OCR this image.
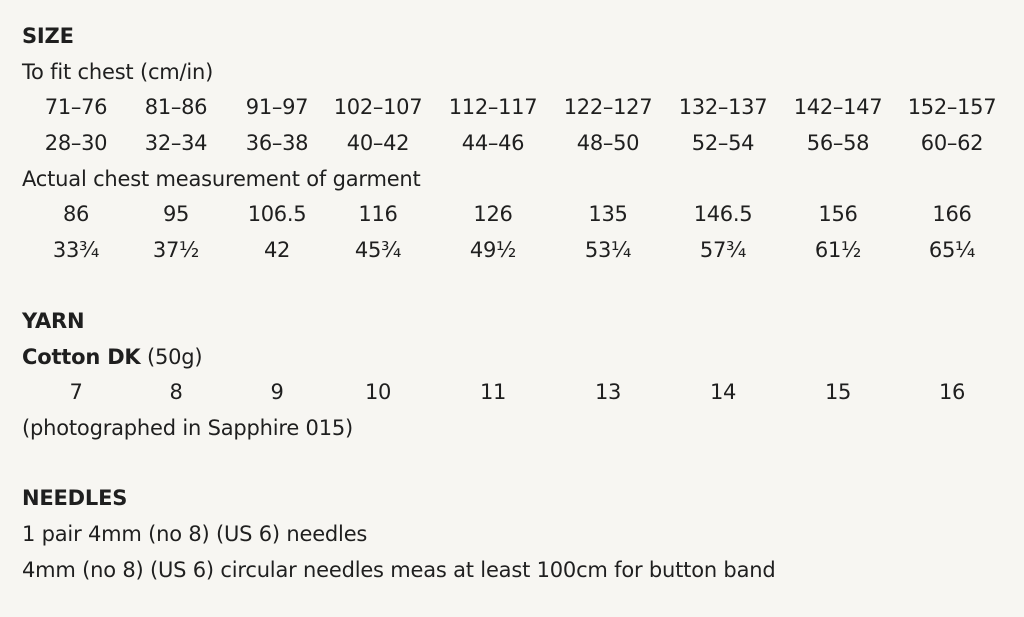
SIZE
To fit chest (cm/in)
71–76	81–86	91–97	102–107	112–117	122–127	132–137	142–147	152–157
28–30	32–34	36–38	40–42	44–46	48–50	52–54	56–58	60–62
Actual chest measurement of garment
86	95	106.5	116	126	135	146.5	156	166
33¾	37½	42	45¾	49½	53¼	57¾	61½	65¼
YARN
Cotton DK (50g)
7	8	9	10	11	13	14	15	16
(photographed in Sapphire 015)
NEEDLES
1 pair 4mm (no 8) (US 6) needles
4mm (no 8) (US 6) circular needles meas at least 100cm for button band
